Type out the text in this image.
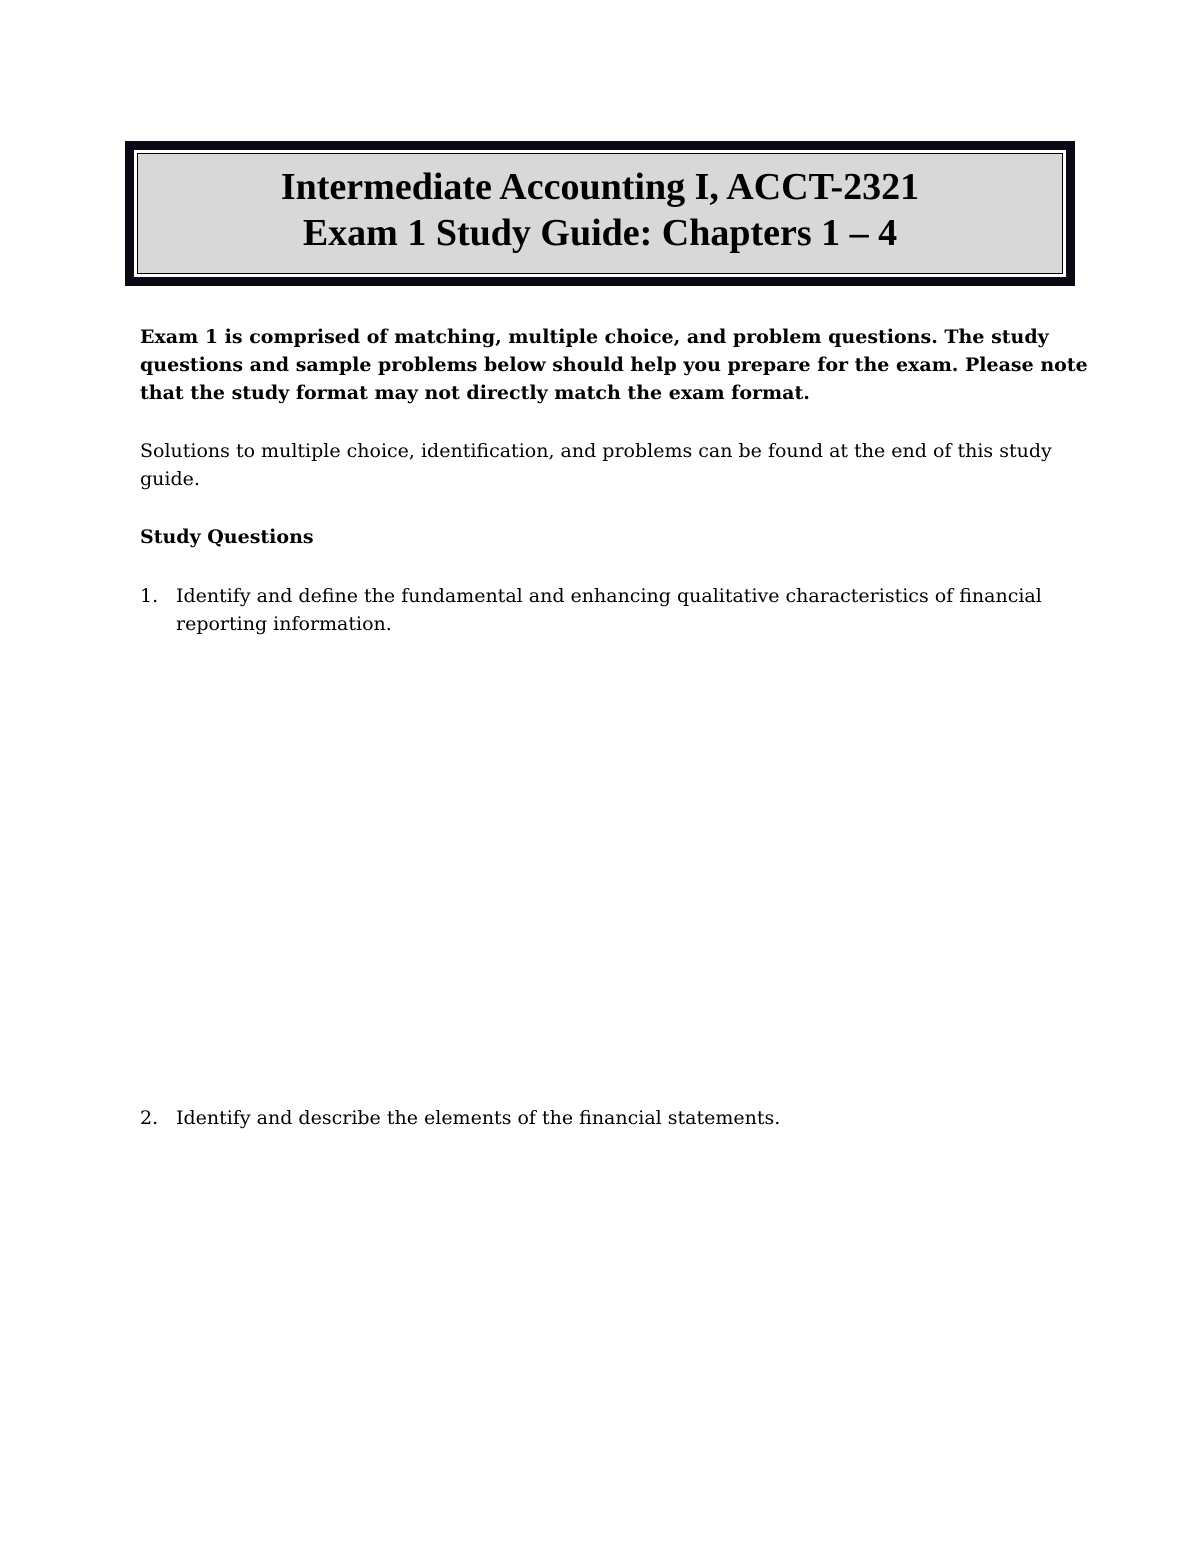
Intermediate Accounting I, ACCT-2321
Exam 1 Study Guide: Chapters 1 – 4
Exam 1 is comprised of matching, multiple choice, and problem questions. The study
questions and sample problems below should help you prepare for the exam. Please note
that the study format may not directly match the exam format.
Solutions to multiple choice, identification, and problems can be found at the end of this study
guide.
Study Questions
1. Identify and define the fundamental and enhancing qualitative characteristics of financial
reporting information.
2. Identify and describe the elements of the financial statements.
